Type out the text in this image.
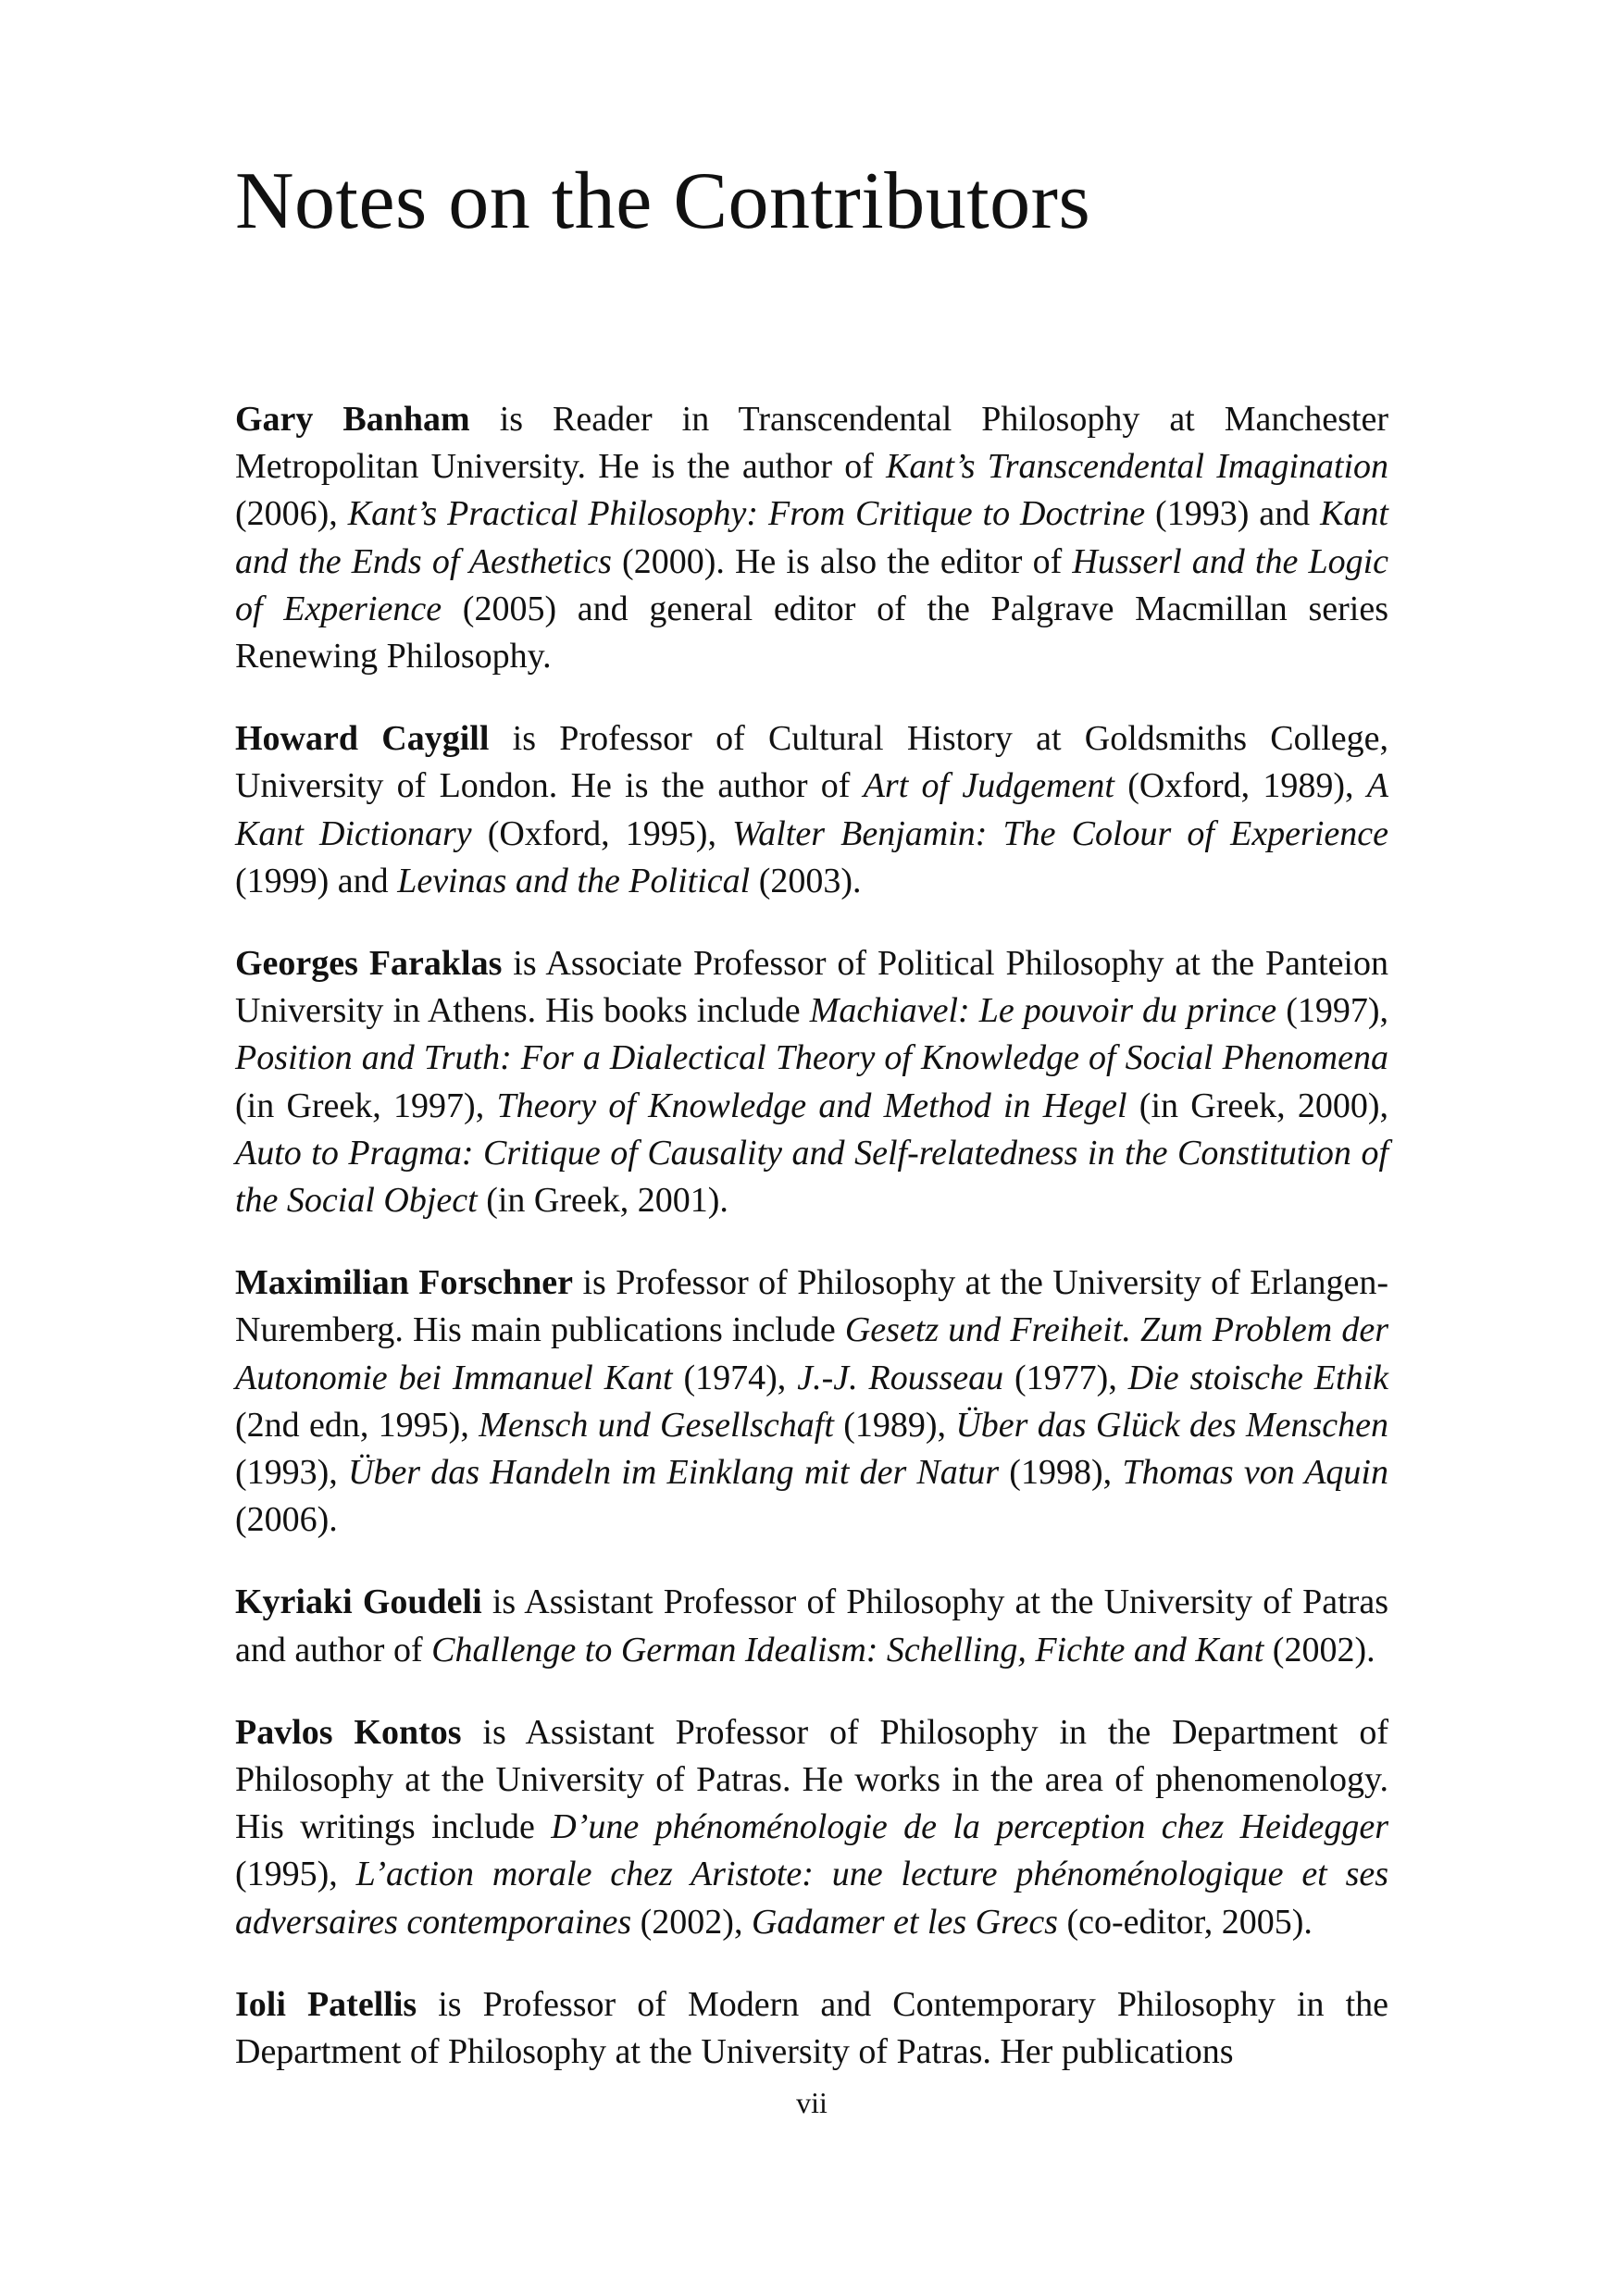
Notes on the Contributors

Gary Banham is Reader in Transcendental Philosophy at Manchester Metropolitan University. He is the author of Kant’s Transcendental Imagination (2006), Kant’s Practical Philosophy: From Critique to Doctrine (1993) and Kant and the Ends of Aesthetics (2000). He is also the editor of Husserl and the Logic of Experience (2005) and general editor of the Palgrave Macmillan series Renewing Philosophy.

Howard Caygill is Professor of Cultural History at Goldsmiths College, University of London. He is the author of Art of Judgement (Oxford, 1989), A Kant Dictionary (Oxford, 1995), Walter Benjamin: The Colour of Experience (1999) and Levinas and the Political (2003).

Georges Faraklas is Associate Professor of Political Philosophy at the Panteion University in Athens. His books include Machiavel: Le pouvoir du prince (1997), Position and Truth: For a Dialectical Theory of Knowledge of Social Phenomena (in Greek, 1997), Theory of Knowledge and Method in Hegel (in Greek, 2000), Auto to Pragma: Critique of Causality and Self-relatedness in the Constitution of the Social Object (in Greek, 2001).

Maximilian Forschner is Professor of Philosophy at the University of Erlangen-Nuremberg. His main publications include Gesetz und Freiheit. Zum Problem der Autonomie bei Immanuel Kant (1974), J.-J. Rousseau (1977), Die stoische Ethik (2nd edn, 1995), Mensch und Gesellschaft (1989), Über das Glück des Menschen (1993), Über das Handeln im Einklang mit der Natur (1998), Thomas von Aquin (2006).

Kyriaki Goudeli is Assistant Professor of Philosophy at the University of Patras and author of Challenge to German Idealism: Schelling, Fichte and Kant (2002).

Pavlos Kontos is Assistant Professor of Philosophy in the Department of Philosophy at the University of Patras. He works in the area of phenomenology. His writings include D’une phénoménologie de la perception chez Heidegger (1995), L’action morale chez Aristote: une lecture phénoménologique et ses adversaires contemporaines (2002), Gadamer et les Grecs (co-editor, 2005).

Ioli Patellis is Professor of Modern and Contemporary Philosophy in the Department of Philosophy at the University of Patras. Her publications

vii
